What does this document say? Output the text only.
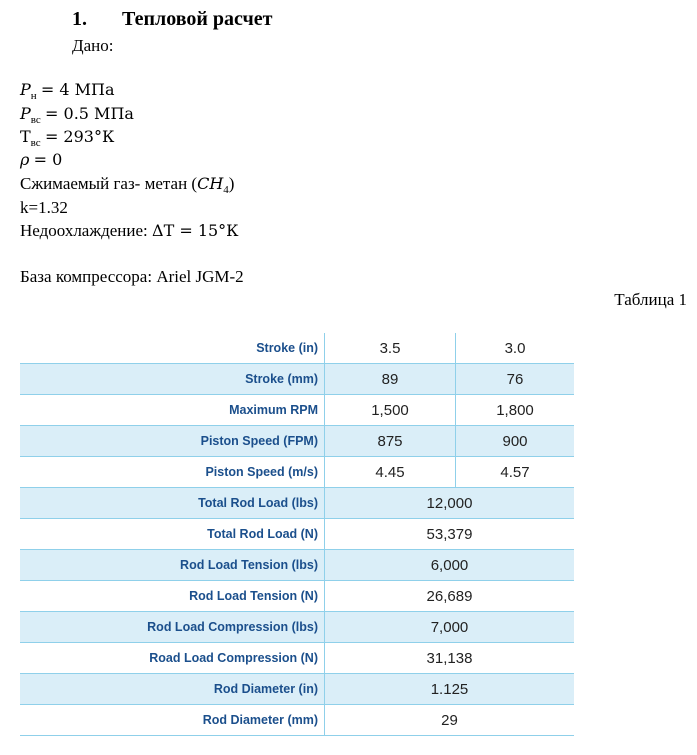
1. Тепловой расчет
Дано:
$P_н = 4$ МПа
$P_{вс} = 0.5$ МПа
$T_{вс} = 293^\circ К$
ρ = 0
Сжимаемый газ- метан $(CH_4)$
k=1.32
Недоохлаждение: ΔT = 15°К
База компрессора: Ariel JGM-2
Таблица 1
Stroke (in)	3.5	3.0
Stroke (mm)	89	76
Maximum RPM	1,500	1,800
Piston Speed (FPM)	875	900
Piston Speed (m/s)	4.45	4.57
Total Rod Load (lbs)	12,000	
Total Rod Load (N)	53,379	
Rod Load Tension (lbs)	6,000	
Rod Load Tension (N)	26,689	
Rod Load Compression (lbs)	7,000	
Road Load Compression (N)	31,138	
Rod Diameter (in)	1.125	
Rod Diameter (mm)	29	
